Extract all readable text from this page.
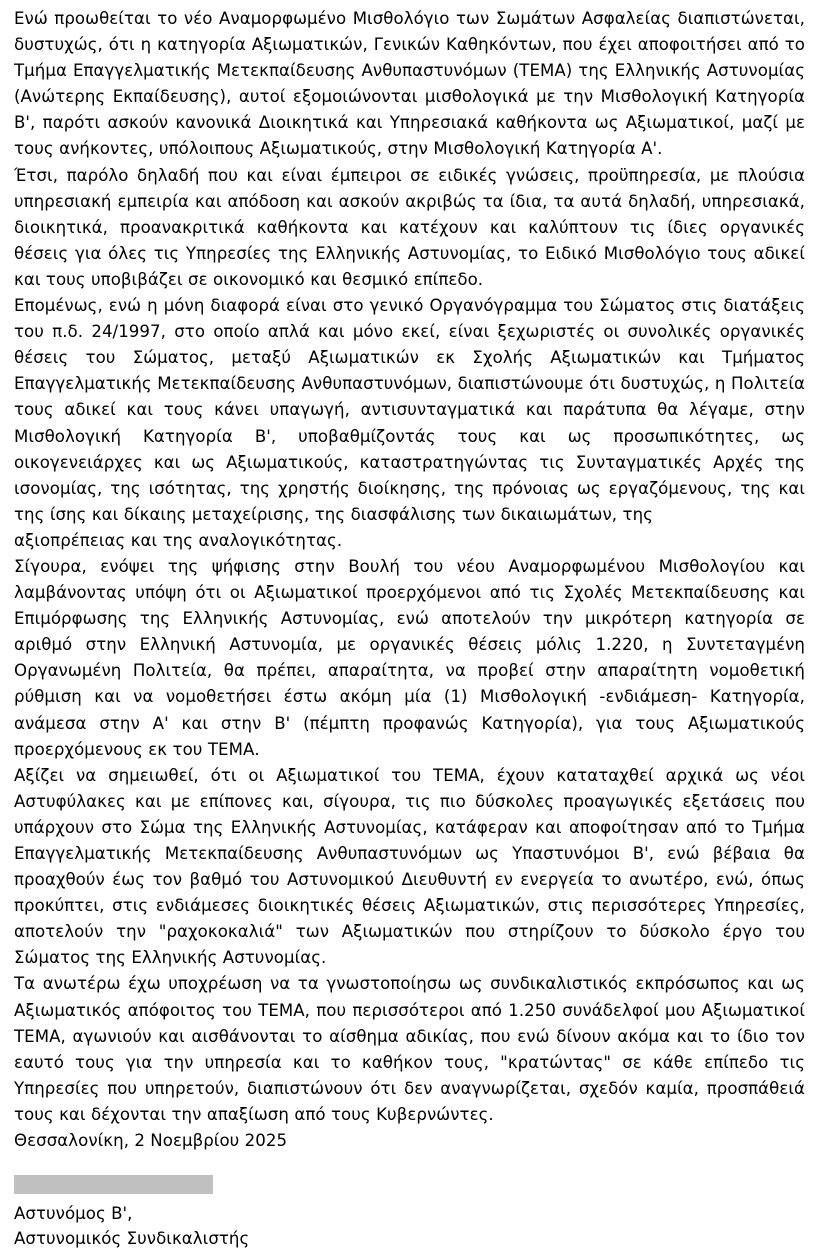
Ενώ προωθείται το νέο Αναμορφωμένο Μισθολόγιο των Σωμάτων Ασφαλείας διαπιστώνεται, δυστυχώς, ότι η κατηγορία Αξιωματικών, Γενικών Καθηκόντων, που έχει αποφοιτήσει από το Τμήμα Επαγγελματικής Μετεκπαίδευσης Ανθυπαστυνόμων (ΤΕΜΑ) της Ελληνικής Αστυνομίας (Ανώτερης Εκπαίδευσης), αυτοί εξομοιώνονται μισθολογικά με την Μισθολογική Κατηγορία Β', παρότι ασκούν κανονικά Διοικητικά και Υπηρεσιακά καθήκοντα ως Αξιωματικοί, μαζί με τους ανήκοντες, υπόλοιπους Αξιωματικούς, στην Μισθολογική Κατηγορία Α'.

Έτσι, παρόλο δηλαδή που και είναι έμπειροι σε ειδικές γνώσεις, προϋπηρεσία, με πλούσια υπηρεσιακή εμπειρία και απόδοση και ασκούν ακριβώς τα ίδια, τα αυτά δηλαδή, υπηρεσιακά, διοικητικά, προανακριτικά καθήκοντα και κατέχουν και καλύπτουν τις ίδιες οργανικές θέσεις για όλες τις Υπηρεσίες της Ελληνικής Αστυνομίας, το Ειδικό Μισθολόγιο τους αδικεί και τους υποβιβάζει σε οικονομικό και θεσμικό επίπεδο.

Επομένως, ενώ η μόνη διαφορά είναι στο γενικό Οργανόγραμμα του Σώματος στις διατάξεις του π.δ. 24/1997, στο οποίο απλά και μόνο εκεί, είναι ξεχωριστές οι συνολικές οργανικές θέσεις του Σώματος, μεταξύ Αξιωματικών εκ Σχολής Αξιωματικών και Τμήματος Επαγγελματικής Μετεκπαίδευσης Ανθυπαστυνόμων, διαπιστώνουμε ότι δυστυχώς, η Πολιτεία τους αδικεί και τους κάνει υπαγωγή, αντισυνταγματικά και παράτυπα θα λέγαμε, στην Μισθολογική Κατηγορία Β', υποβαθμίζοντάς τους και ως προσωπικότητες, ως οικογενειάρχες και ως Αξιωματικούς, καταστρατηγώντας τις Συνταγματικές Αρχές της ισονομίας, της ισότητας, της χρηστής διοίκησης, της πρόνοιας ως εργαζόμενους, της και της ίσης και δίκαιης μεταχείρισης, της διασφάλισης των δικαιωμάτων, της
αξιοπρέπειας και της αναλογικότητας.

Σίγουρα, ενόψει της ψήφισης στην Βουλή του νέου Αναμορφωμένου Μισθολογίου και λαμβάνοντας υπόψη ότι οι Αξιωματικοί προερχόμενοι από τις Σχολές Μετεκπαίδευσης και Επιμόρφωσης της Ελληνικής Αστυνομίας, ενώ αποτελούν την μικρότερη κατηγορία σε αριθμό στην Ελληνική Αστυνομία, με οργανικές θέσεις μόλις 1.220, η Συντεταγμένη Οργανωμένη Πολιτεία, θα πρέπει, απαραίτητα, να προβεί στην απαραίτητη νομοθετική ρύθμιση και να νομοθετήσει έστω ακόμη μία (1) Μισθολογική -ενδιάμεση- Κατηγορία, ανάμεσα στην Α' και στην Β' (πέμπτη προφανώς Κατηγορία), για τους Αξιωματικούς προερχόμενους εκ του ΤΕΜΑ.

Αξίζει να σημειωθεί, ότι οι Αξιωματικοί του ΤΕΜΑ, έχουν καταταχθεί αρχικά ως νέοι Αστυφύλακες και με επίπονες και, σίγουρα, τις πιο δύσκολες προαγωγικές εξετάσεις που υπάρχουν στο Σώμα της Ελληνικής Αστυνομίας, κατάφεραν και αποφοίτησαν από το Τμήμα Επαγγελματικής Μετεκπαίδευσης Ανθυπαστυνόμων ως Υπαστυνόμοι Β', ενώ βέβαια θα προαχθούν έως τον βαθμό του Αστυνομικού Διευθυντή εν ενεργεία το ανωτέρο, ενώ, όπως προκύπτει, στις ενδιάμεσες διοικητικές θέσεις Αξιωματικών, στις περισσότερες Υπηρεσίες, αποτελούν την "ραχοκοκαλιά" των Αξιωματικών που στηρίζουν το δύσκολο έργο του Σώματος της Ελληνικής Αστυνομίας.

Τα ανωτέρω έχω υποχρέωση να τα γνωστοποίησω ως συνδικαλιστικός εκπρόσωπος και ως Αξιωματικός απόφοιτος του ΤΕΜΑ, που περισσότεροι από 1.250 συνάδελφοί μου Αξιωματικοί ΤΕΜΑ, αγωνιούν και αισθάνονται το αίσθημα αδικίας, που ενώ δίνουν ακόμα και το ίδιο τον εαυτό τους για την υπηρεσία και το καθήκον τους, "κρατώντας" σε κάθε επίπεδο τις Υπηρεσίες που υπηρετούν, διαπιστώνουν ότι δεν αναγνωρίζεται, σχεδόν καμία, προσπάθειά τους και δέχονται την απαξίωση από τους Κυβερνώντες.

Θεσσαλονίκη, 2 Νοεμβρίου 2025

Αστυνόμος Β',

Αστυνομικός Συνδικαλιστής
